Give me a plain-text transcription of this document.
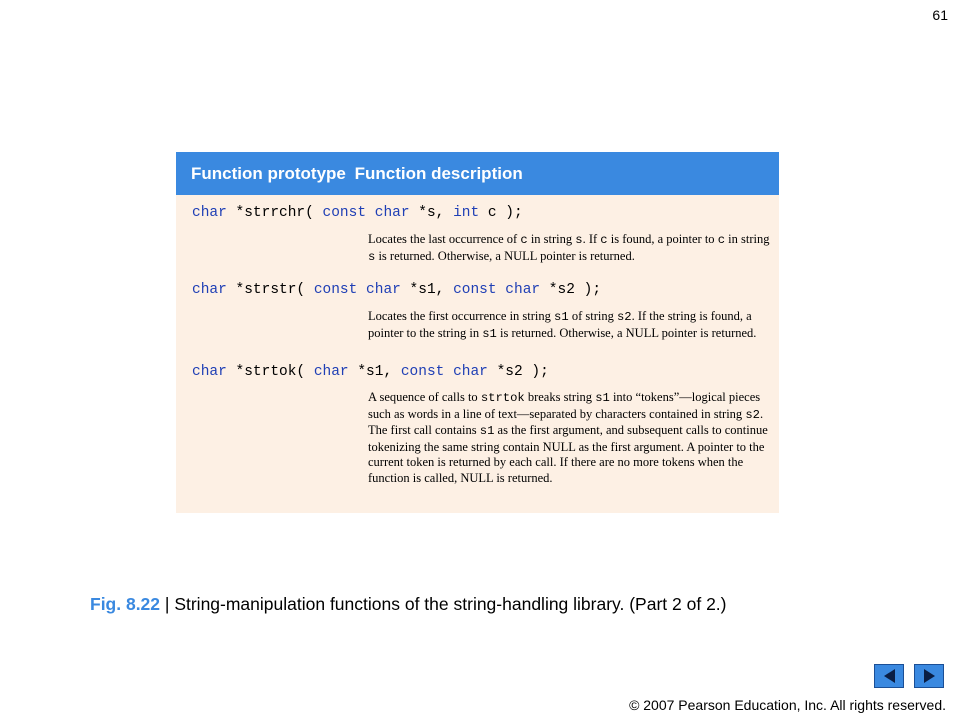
61
Function prototype Function description
char *strrchr( const char *s, int c );
Locates the last occurrence of c in string s. If c is found, a pointer to c in string s is returned. Otherwise, a NULL pointer is returned.
char *strstr( const char *s1, const char *s2 );
Locates the first occurrence in string s1 of string s2. If the string is found, a pointer to the string in s1 is returned. Otherwise, a NULL pointer is returned.
char *strtok( char *s1, const char *s2 );
A sequence of calls to strtok breaks string s1 into “tokens”—logical pieces such as words in a line of text—separated by characters contained in string s2. The first call contains s1 as the first argument, and subsequent calls to continue tokenizing the same string contain NULL as the first argument. A pointer to the current token is returned by each call. If there are no more tokens when the function is called, NULL is returned.
Fig. 8.22 | String-manipulation functions of the string-handling library. (Part 2 of 2.)
© 2007 Pearson Education, Inc. All rights reserved.
